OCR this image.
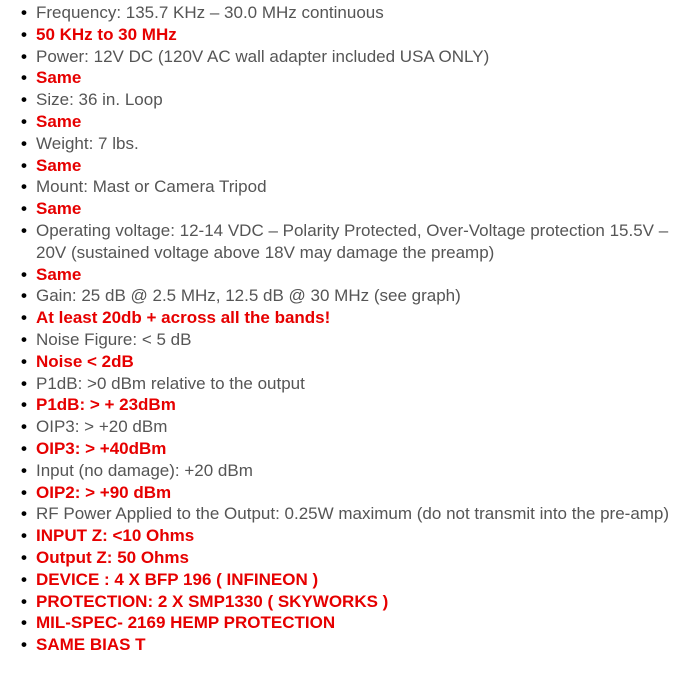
• Frequency: 135.7 KHz – 30.0 MHz continuous
• 50 KHz to 30 MHz
• Power: 12V DC (120V AC wall adapter included USA ONLY)
• Same
• Size: 36 in. Loop
• Same
• Weight: 7 lbs.
• Same
• Mount: Mast or Camera Tripod
• Same
• Operating voltage: 12-14 VDC – Polarity Protected, Over-Voltage protection 15.5V – 20V (sustained voltage above 18V may damage the preamp)
• Same
• Gain: 25 dB @ 2.5 MHz, 12.5 dB @ 30 MHz (see graph)
• At least 20db + across all the bands!
• Noise Figure: < 5 dB
• Noise < 2dB
• P1dB: >0 dBm relative to the output
• P1dB: > + 23dBm
• OIP3: > +20 dBm
• OIP3: > +40dBm
• Input (no damage): +20 dBm
• OIP2: > +90 dBm
• RF Power Applied to the Output: 0.25W maximum (do not transmit into the pre-amp)
• INPUT Z: <10 Ohms
• Output Z: 50 Ohms
• DEVICE : 4 X BFP 196 ( INFINEON )
• PROTECTION: 2 X SMP1330 ( SKYWORKS )
• MIL-SPEC- 2169 HEMP PROTECTION
• SAME BIAS T
